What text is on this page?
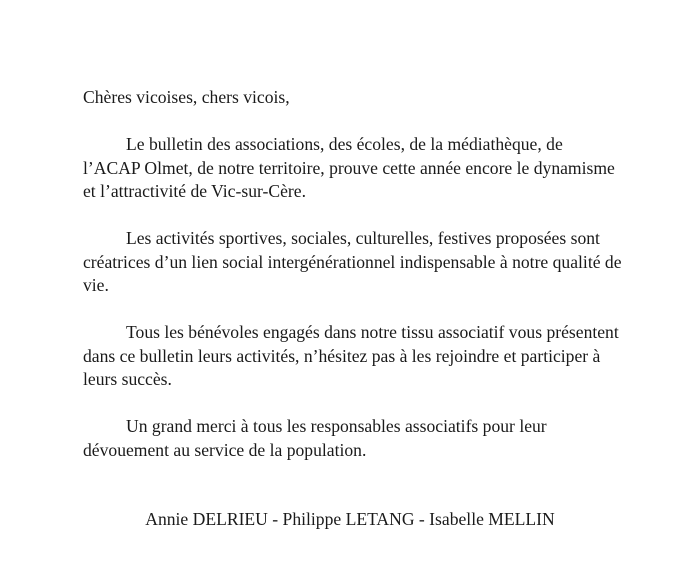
Chères vicoises, chers vicois,

Le bulletin des associations, des écoles, de la médiathèque, de l’ACAP Olmet, de notre territoire, prouve cette année encore le dynamisme et l’attractivité de Vic-sur-Cère.

Les activités sportives, sociales, culturelles, festives proposées sont créatrices d’un lien social intergénérationnel indispensable à notre qualité de vie.

Tous les bénévoles engagés dans notre tissu associatif vous présentent dans ce bulletin leurs activités, n’hésitez pas à les rejoindre et participer à leurs succès.

Un grand merci à tous les responsables associatifs pour leur dévouement au service de la population.

Annie DELRIEU - Philippe LETANG - Isabelle MELLIN
